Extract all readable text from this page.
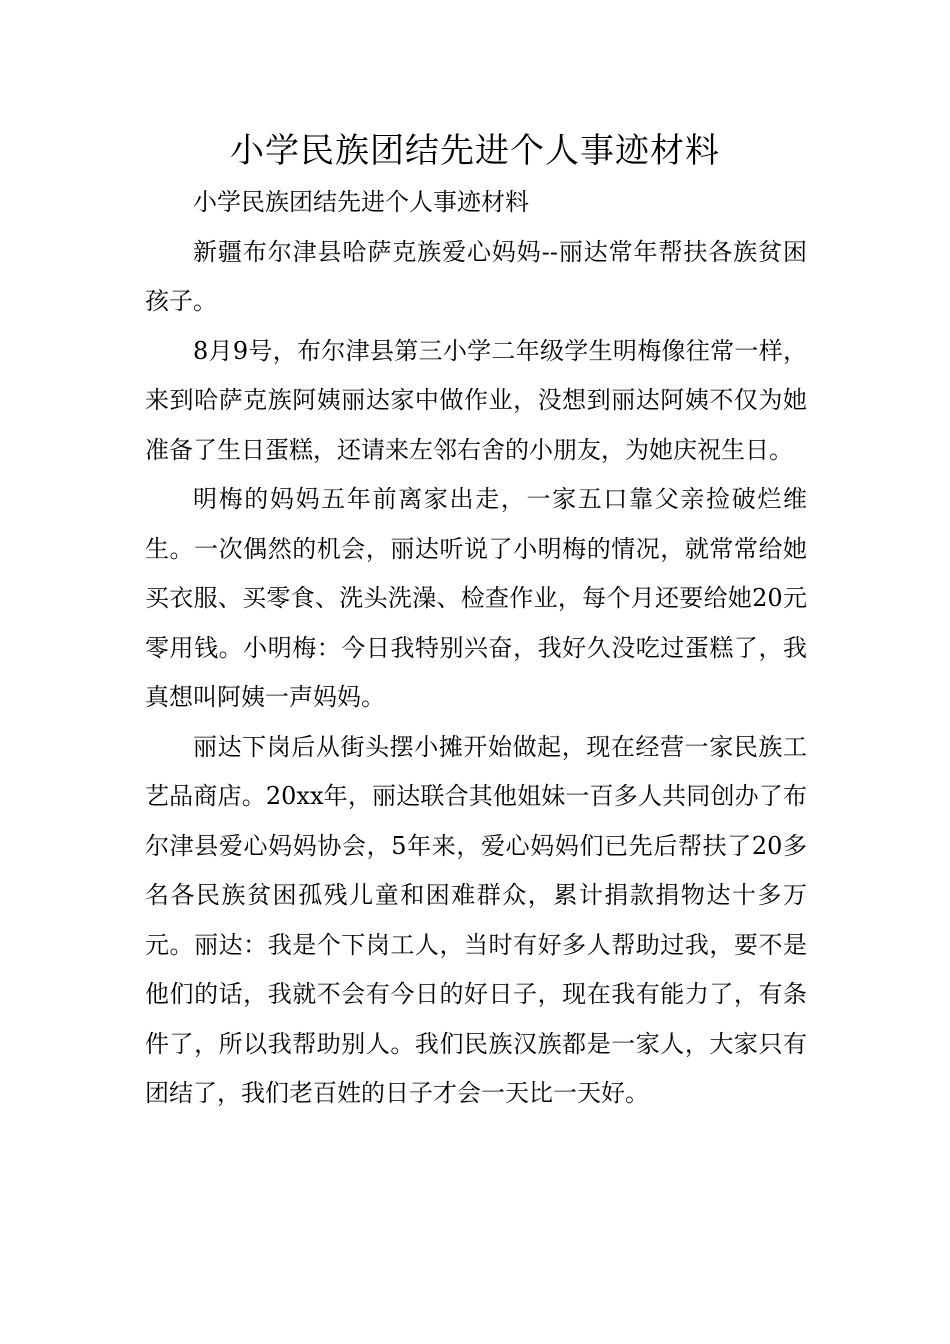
小学民族团结先进个人事迹材料

小学民族团结先进个人事迹材料

新疆布尔津县哈萨克族爱心妈妈--丽达常年帮扶各族贫困孩子。

8月9号，布尔津县第三小学二年级学生明梅像往常一样，来到哈萨克族阿姨丽达家中做作业，没想到丽达阿姨不仅为她准备了生日蛋糕，还请来左邻右舍的小朋友，为她庆祝生日。

明梅的妈妈五年前离家出走，一家五口靠父亲捡破烂维生。一次偶然的机会，丽达听说了小明梅的情况，就常常给她买衣服、买零食、洗头洗澡、检查作业，每个月还要给她20元零用钱。小明梅：今日我特别兴奋，我好久没吃过蛋糕了，我真想叫阿姨一声妈妈。

丽达下岗后从街头摆小摊开始做起，现在经营一家民族工艺品商店。20xx年，丽达联合其他姐妹一百多人共同创办了布尔津县爱心妈妈协会，5年来，爱心妈妈们已先后帮扶了20多名各民族贫困孤残儿童和困难群众，累计捐款捐物达十多万元。丽达：我是个下岗工人，当时有好多人帮助过我，要不是他们的话，我就不会有今日的好日子，现在我有能力了，有条件了，所以我帮助别人。我们民族汉族都是一家人，大家只有团结了，我们老百姓的日子才会一天比一天好。
